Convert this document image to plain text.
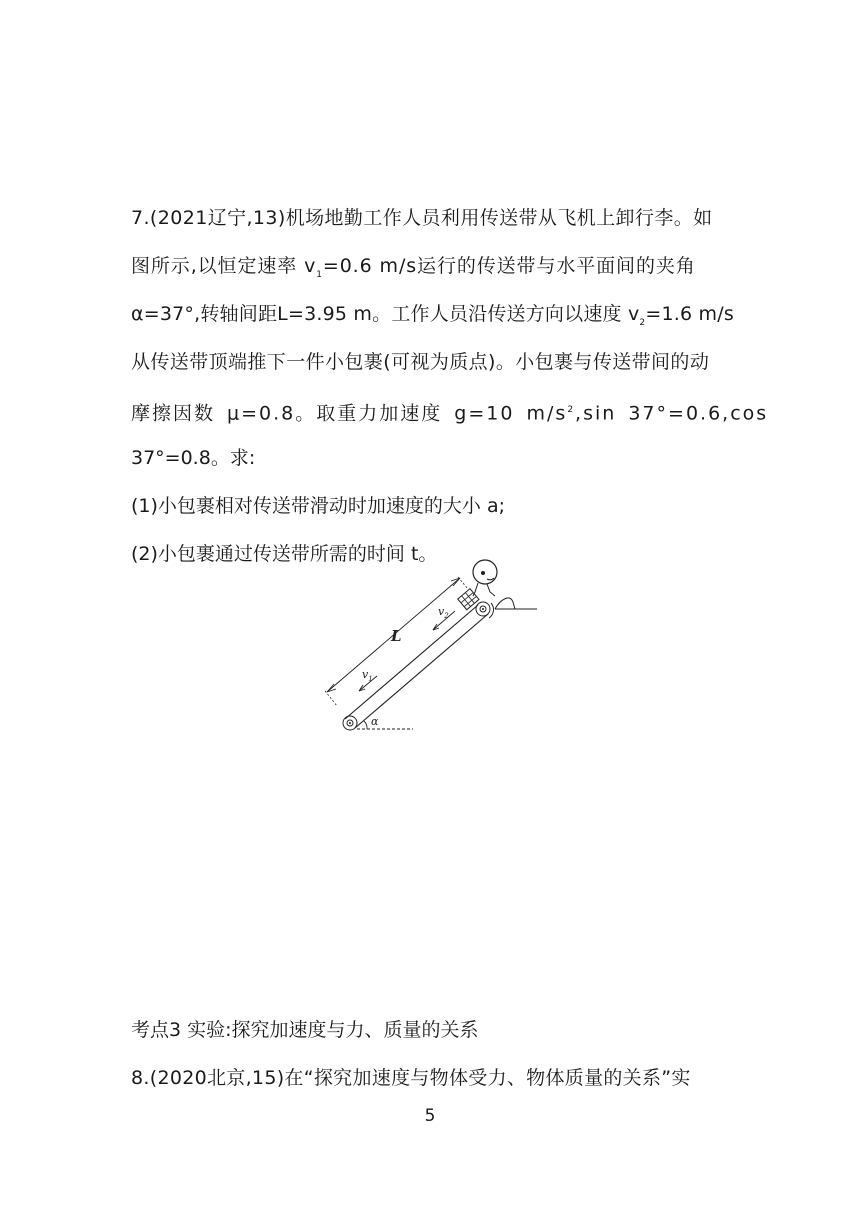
7.(2021辽宁,13)机场地勤工作人员利用传送带从飞机上卸行李。如
图所示,以恒定速率 $v_1=0.6$ m/s运行的传送带与水平面间的夹角
α=37°,转轴间距L=3.95 m。工作人员沿传送方向以速度 $v_2=1.6$ m/s
从传送带顶端推下一件小包裹(可视为质点)。小包裹与传送带间的动
摩擦因数 μ=0.8。取重力加速度 g=10 $m/s^2,\sin$ 37°=0.6,cos
37°=0.8。求:
(1)小包裹相对传送带滑动时加速度的大小 a;
(2)小包裹通过传送带所需的时间 t。
α
L
$v_1$
$v_2$
考点3 实验:探究加速度与力、质量的关系
8.(2020北京,15)在“探究加速度与物体受力、物体质量的关系”实
5
